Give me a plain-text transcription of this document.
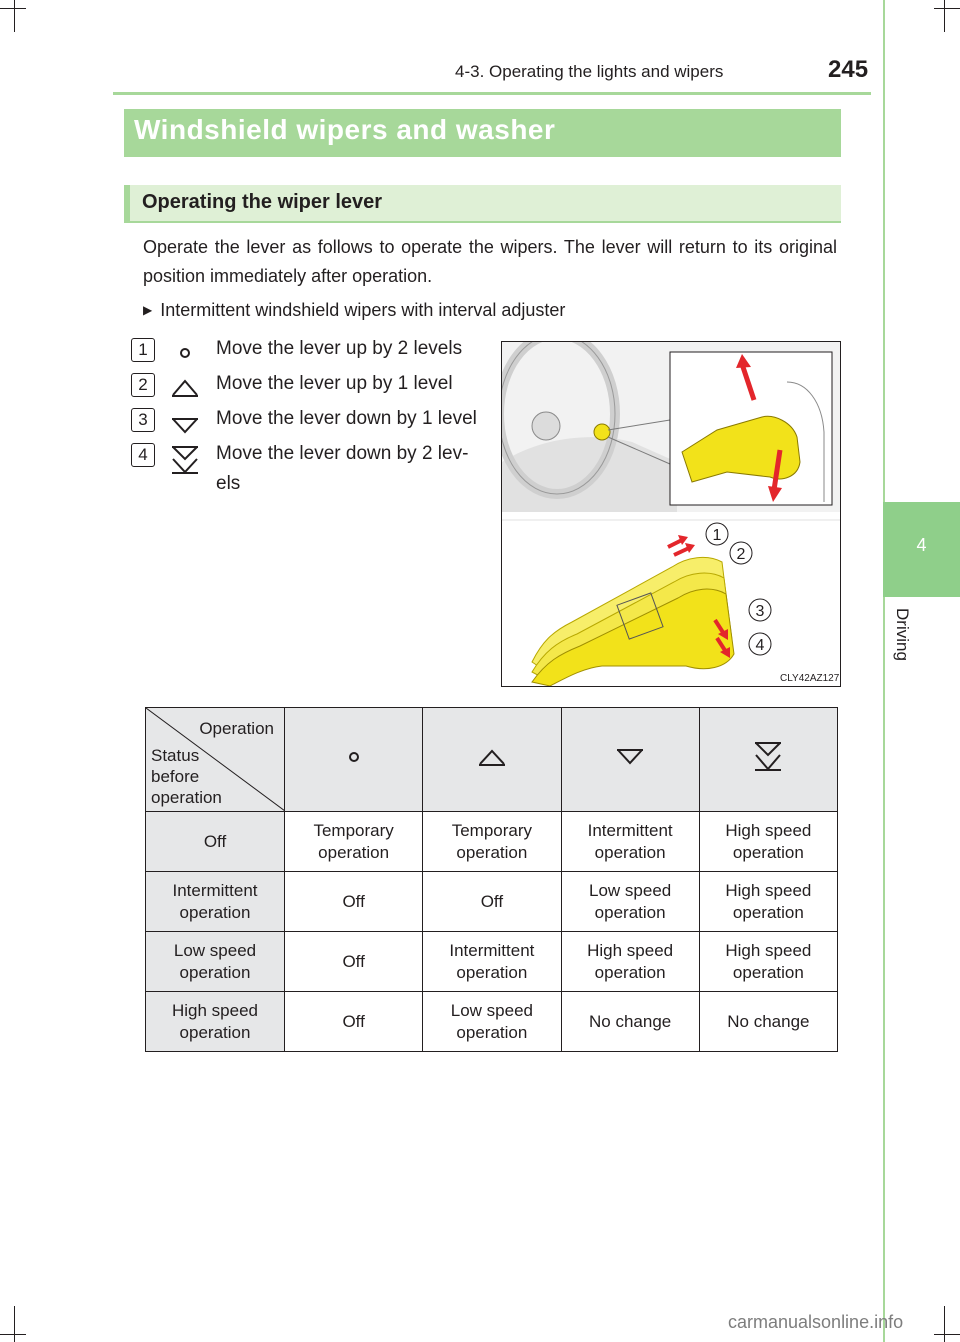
4-3. Operating the lights and wipers	245
4
Driving
Windshield wipers and washer
Operating the wiper lever
Operate the lever as follows to operate the wipers. The lever will return to its original position immediately after operation.
▶ Intermittent windshield wipers with interval adjuster
1	Move the lever up by 2 levels
2	Move the lever up by 1 level
3	Move the lever down by 1 level
4	Move the lever down by 2 lev-els
1
2
3
4
CLY42AZ127
Operation
Status before operation

Off	Temporary operation	Temporary operation	Intermittent operation	High speed operation
Intermittent operation	Off	Off	Low speed operation	High speed operation
Low speed operation	Off	Intermittent operation	High speed operation	High speed operation
High speed operation	Off	Low speed operation	No change	No change
carmanualsonline.info
